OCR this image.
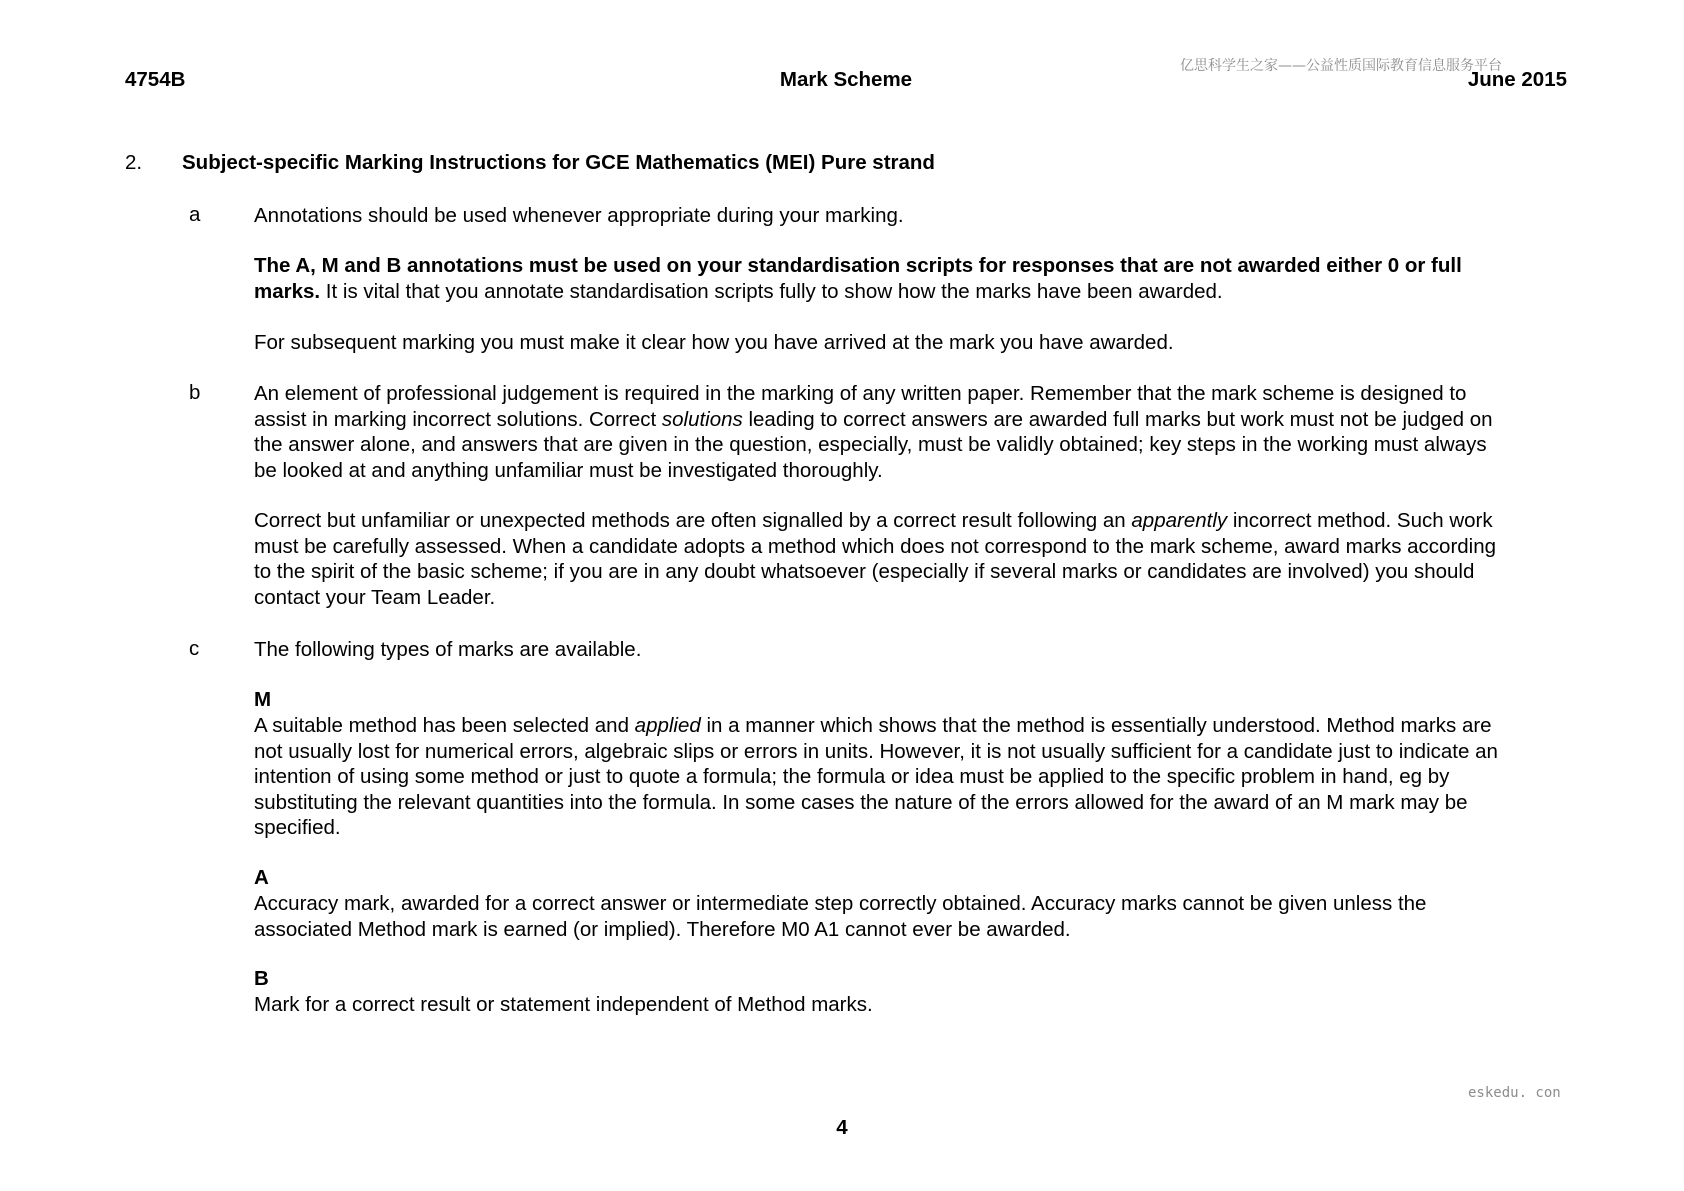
亿思科学生之家——公益性质国际教育信息服务平台
4754B	Mark Scheme	June 2015
2. Subject-specific Marking Instructions for GCE Mathematics (MEI) Pure strand
a	Annotations should be used whenever appropriate during your marking.
The A, M and B annotations must be used on your standardisation scripts for responses that are not awarded either 0 or full marks. It is vital that you annotate standardisation scripts fully to show how the marks have been awarded.
For subsequent marking you must make it clear how you have arrived at the mark you have awarded.
b	An element of professional judgement is required in the marking of any written paper. Remember that the mark scheme is designed to assist in marking incorrect solutions. Correct solutions leading to correct answers are awarded full marks but work must not be judged on the answer alone, and answers that are given in the question, especially, must be validly obtained; key steps in the working must always be looked at and anything unfamiliar must be investigated thoroughly.
Correct but unfamiliar or unexpected methods are often signalled by a correct result following an apparently incorrect method. Such work must be carefully assessed. When a candidate adopts a method which does not correspond to the mark scheme, award marks according to the spirit of the basic scheme; if you are in any doubt whatsoever (especially if several marks or candidates are involved) you should contact your Team Leader.
c	The following types of marks are available.
M
A suitable method has been selected and applied in a manner which shows that the method is essentially understood. Method marks are not usually lost for numerical errors, algebraic slips or errors in units. However, it is not usually sufficient for a candidate just to indicate an intention of using some method or just to quote a formula; the formula or idea must be applied to the specific problem in hand, eg by substituting the relevant quantities into the formula. In some cases the nature of the errors allowed for the award of an M mark may be specified.
A
Accuracy mark, awarded for a correct answer or intermediate step correctly obtained. Accuracy marks cannot be given unless the associated Method mark is earned (or implied). Therefore M0 A1 cannot ever be awarded.
B
Mark for a correct result or statement independent of Method marks.
eskedu. con
4
